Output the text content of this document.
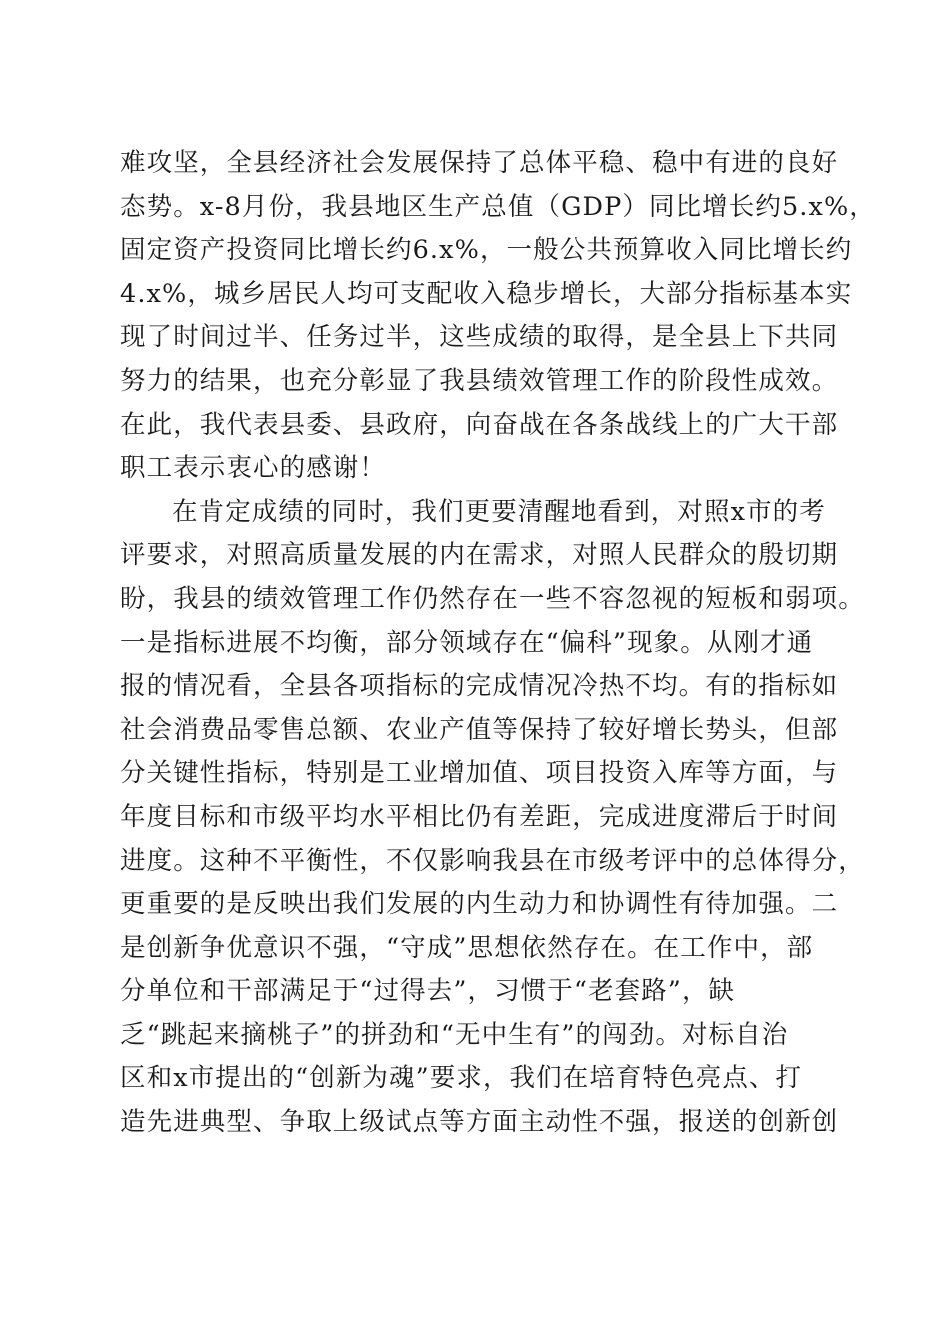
难攻坚，全县经济社会发展保持了总体平稳、稳中有进的良好
态势。x-8月份，我县地区生产总值（GDP）同比增长约5.x%，
固定资产投资同比增长约6.x%，一般公共预算收入同比增长约
4.x%，城乡居民人均可支配收入稳步增长，大部分指标基本实
现了时间过半、任务过半，这些成绩的取得，是全县上下共同
努力的结果，也充分彰显了我县绩效管理工作的阶段性成效。
在此，我代表县委、县政府，向奋战在各条战线上的广大干部
职工表示衷心的感谢！
在肯定成绩的同时，我们更要清醒地看到，对照x市的考
评要求，对照高质量发展的内在需求，对照人民群众的殷切期
盼，我县的绩效管理工作仍然存在一些不容忽视的短板和弱项。
一是指标进展不均衡，部分领域存在“偏科”现象。从刚才通
报的情况看，全县各项指标的完成情况冷热不均。有的指标如
社会消费品零售总额、农业产值等保持了较好增长势头，但部
分关键性指标，特别是工业增加值、项目投资入库等方面，与
年度目标和市级平均水平相比仍有差距，完成进度滞后于时间
进度。这种不平衡性，不仅影响我县在市级考评中的总体得分，
更重要的是反映出我们发展的内生动力和协调性有待加强。二
是创新争优意识不强，“守成”思想依然存在。在工作中，部
分单位和干部满足于“过得去”，习惯于“老套路”，缺
乏“跳起来摘桃子”的拼劲和“无中生有”的闯劲。对标自治
区和x市提出的“创新为魂”要求，我们在培育特色亮点、打
造先进典型、争取上级试点等方面主动性不强，报送的创新创
